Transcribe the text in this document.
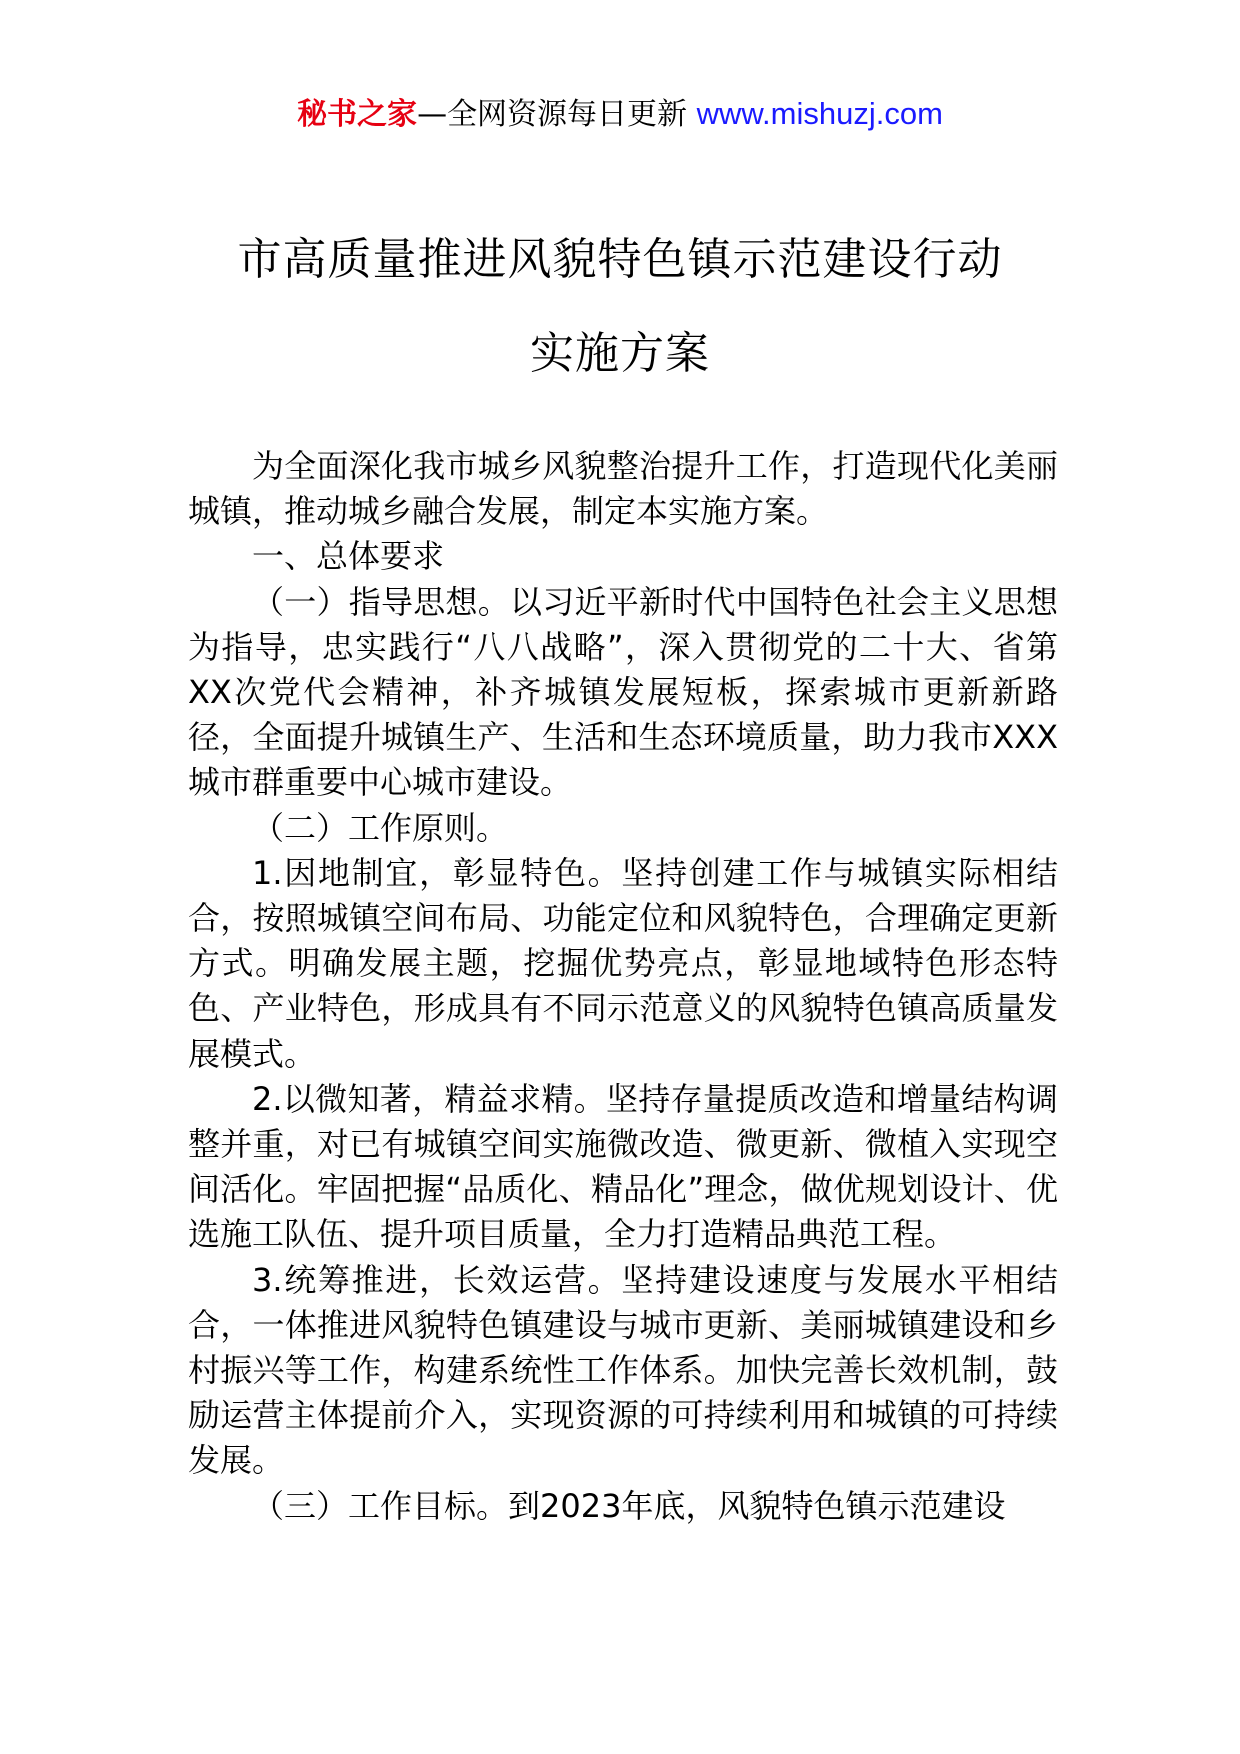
秘书之家—全网资源每日更新 www.mishuzj.com
市高质量推进风貌特色镇示范建设行动
实施方案

为全面深化我市城乡风貌整治提升工作，打造现代化美丽城镇，推动城乡融合发展，制定本实施方案。

一、总体要求

（一）指导思想。以习近平新时代中国特色社会主义思想为指导，忠实践行“八八战略”，深入贯彻党的二十大、省第XX次党代会精神，补齐城镇发展短板，探索城市更新新路径，全面提升城镇生产、生活和生态环境质量，助力我市XXX城市群重要中心城市建设。

（二）工作原则。

1.因地制宜，彰显特色。坚持创建工作与城镇实际相结合，按照城镇空间布局、功能定位和风貌特色，合理确定更新方式。明确发展主题，挖掘优势亮点，彰显地域特色形态特色、产业特色，形成具有不同示范意义的风貌特色镇高质量发展模式。

2.以微知著，精益求精。坚持存量提质改造和增量结构调整并重，对已有城镇空间实施微改造、微更新、微植入实现空间活化。牢固把握“品质化、精品化”理念，做优规划设计、优选施工队伍、提升项目质量，全力打造精品典范工程。

3.统筹推进，长效运营。坚持建设速度与发展水平相结合，一体推进风貌特色镇建设与城市更新、美丽城镇建设和乡村振兴等工作，构建系统性工作体系。加快完善长效机制，鼓励运营主体提前介入，实现资源的可持续利用和城镇的可持续发展。

（三）工作目标。到2023年底，风貌特色镇示范建设
